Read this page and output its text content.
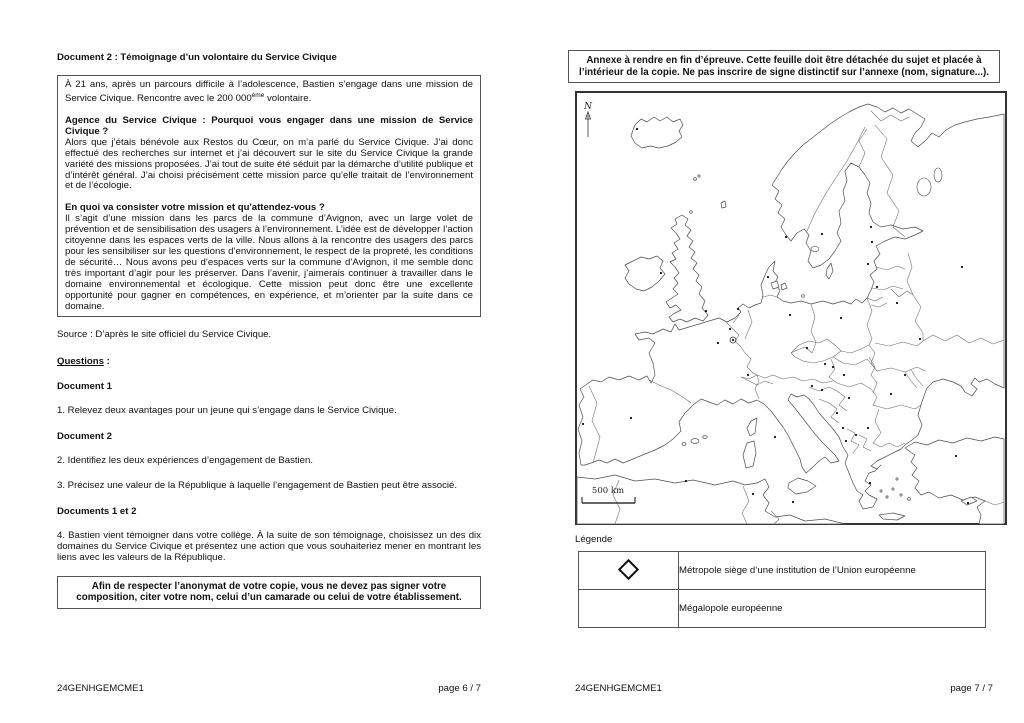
Document 2 : Témoignage d’un volontaire du Service Civique

À 21 ans, après un parcours difficile à l’adolescence, Bastien s’engage dans une mission de Service Civique. Rencontre avec le 200 000ème volontaire.

Agence du Service Civique : Pourquoi vous engager dans une mission de Service Civique ?

Alors que j’étais bénévole aux Restos du Cœur, on m’a parlé du Service Civique. J’ai donc effectué des recherches sur internet et j’ai découvert sur le site du Service Civique la grande variété des missions proposées. J’ai tout de suite été séduit par la démarche d’utilité publique et d’intérêt général. J’ai choisi précisément cette mission parce qu’elle traitait de l’environnement et de l’écologie.

En quoi va consister votre mission et qu'attendez-vous ?

Il s’agit d’une mission dans les parcs de la commune d’Avignon, avec un large volet de prévention et de sensibilisation des usagers à l’environnement. L’idée est de développer l’action citoyenne dans les espaces verts de la ville. Nous allons à la rencontre des usagers des parcs pour les sensibiliser sur les questions d’environnement, le respect de la propreté, les conditions de sécurité… Nous avons peu d’espaces verts sur la commune d’Avignon, il me semble donc très important d’agir pour les préserver. Dans l’avenir, j’aimerais continuer à travailler dans le domaine environnemental et écologique. Cette mission peut donc être une excellente opportunité pour gagner en compétences, en expérience, et m’orienter par la suite dans ce domaine.

Source : D’après le site officiel du Service Civique.
Questions :
Document 1

1. Relevez deux avantages pour un jeune qui s’engage dans le Service Civique.

Document 2

2. Identifiez les deux expériences d’engagement de Bastien.

3. Précisez une valeur de la République à laquelle l’engagement de Bastien peut être associé.

Documents 1 et 2

4. Bastien vient témoigner dans votre collège. À la suite de son témoignage, choisissez un des dix domaines du Service Civique et présentez une action que vous souhaiteriez mener en montrant les liens avec les valeurs de la République.

Afin de respecter l’anonymat de votre copie, vous ne devez pas signer votre composition, citer votre nom, celui d’un camarade ou celui de votre établissement.
24GENHGEMCME1	page 6 / 7
Annexe à rendre en fin d’épreuve. Cette feuille doit être détachée du sujet et placée à l’intérieur de la copie. Ne pas inscrire de signe distinctif sur l’annexe (nom, signature...).
N
500 km
Légende
	Métropole siège d’une institution de l’Union européenne
	Mégalopole européenne
24GENHGEMCME1	page 7 / 7
